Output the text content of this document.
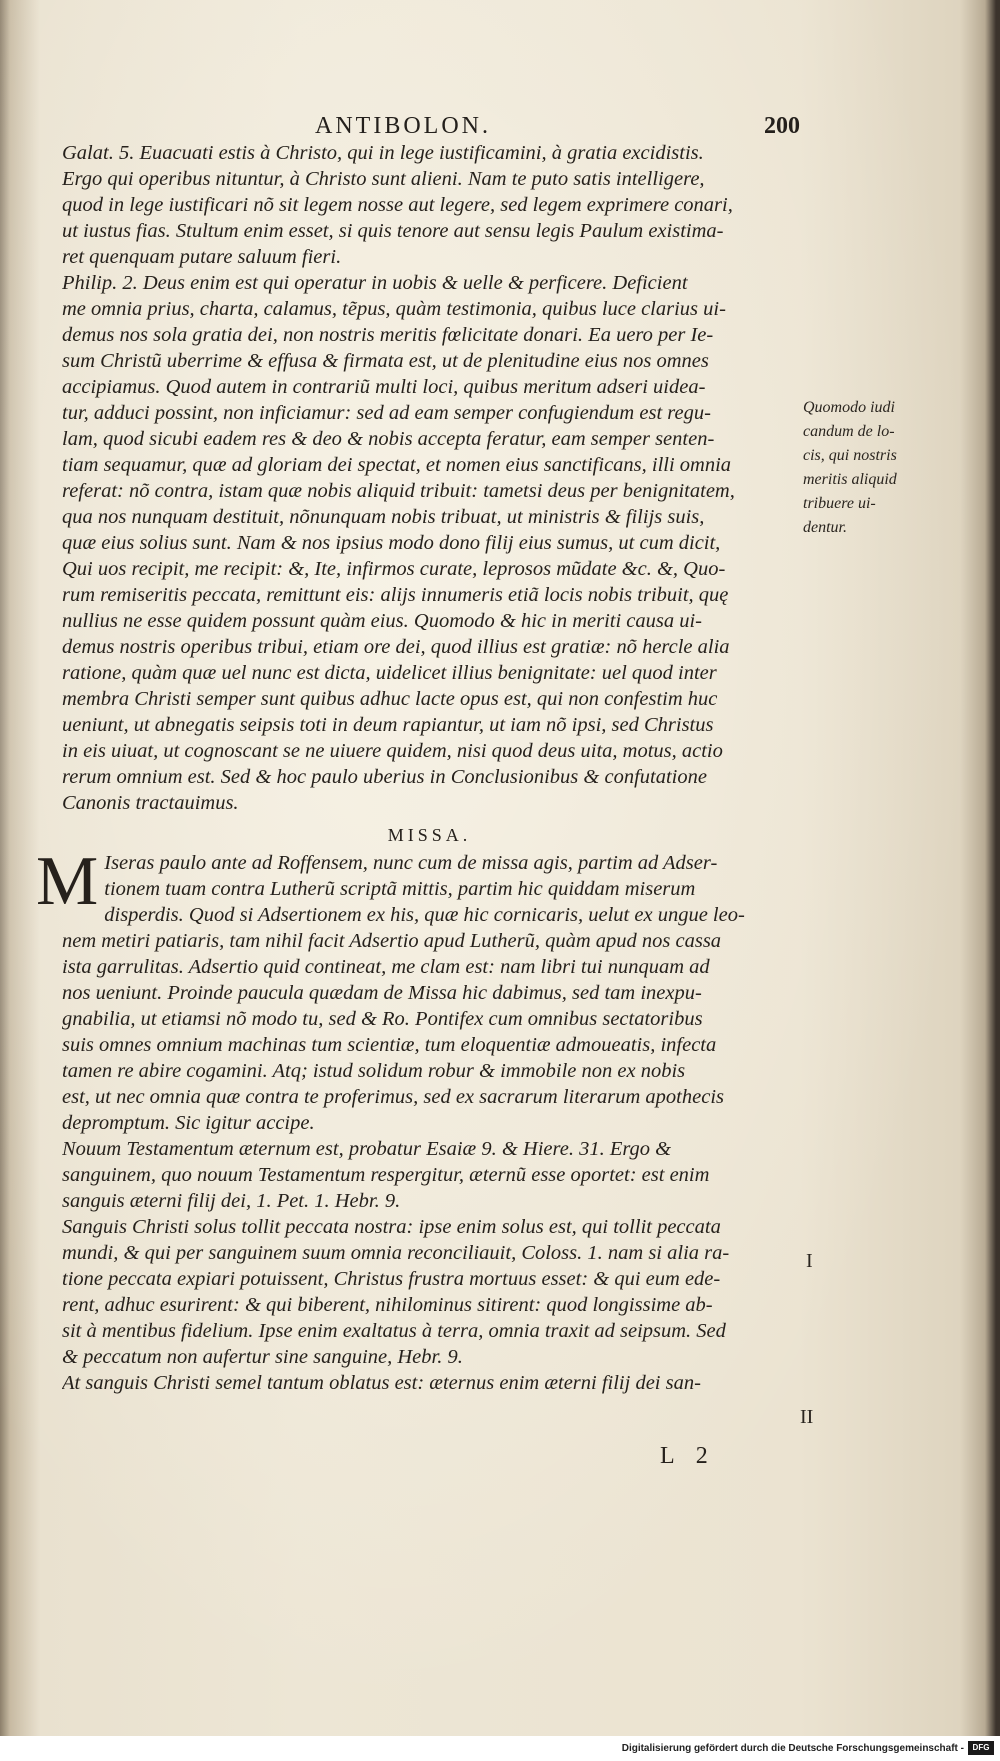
ANTIBOLON.	200
Galat. 5. Euacuati estis à Christo, qui in lege iustificamini, à gratia excidistis.
Ergo qui operibus nituntur, à Christo sunt alieni. Nam te puto satis intelligere,
quod in lege iustificari nõ sit legem nosse aut legere, sed legem exprimere conari,
ut iustus fias. Stultum enim esset, si quis tenore aut sensu legis Paulum existima-
ret quenquam putare saluum fieri.
Philip. 2. Deus enim est qui operatur in uobis & uelle & perficere. Deficient
me omnia prius, charta, calamus, tẽpus, quàm testimonia, quibus luce clarius ui-
demus nos sola gratia dei, non nostris meritis fœlicitate donari. Ea uero per Ie-
sum Christũ uberrime & effusa & firmata est, ut de plenitudine eius nos omnes
accipiamus. Quod autem in contrariũ multi loci, quibus meritum adseri uidea-
tur, adduci possint, non inficiamur: sed ad eam semper confugiendum est regu-
lam, quod sicubi eadem res & deo & nobis accepta feratur, eam semper senten-
tiam sequamur, quæ ad gloriam dei spectat, et nomen eius sanctificans, illi omnia
referat: nõ contra, istam quæ nobis aliquid tribuit: tametsi deus per benignitatem,
qua nos nunquam destituit, nõnunquam nobis tribuat, ut ministris & filijs suis,
quæ eius solius sunt. Nam & nos ipsius modo dono filij eius sumus, ut cum dicit,
Qui uos recipit, me recipit: &, Ite, infirmos curate, leprosos mũdate &c. &, Quo-
rum remiseritis peccata, remittunt eis: alijs innumeris etiã locis nobis tribuit, quę
nullius ne esse quidem possunt quàm eius. Quomodo & hic in meriti causa ui-
demus nostris operibus tribui, etiam ore dei, quod illius est gratiæ: nõ hercle alia
ratione, quàm quæ uel nunc est dicta, uidelicet illius benignitate: uel quod inter
membra Christi semper sunt quibus adhuc lacte opus est, qui non confestim huc
ueniunt, ut abnegatis seipsis toti in deum rapiantur, ut iam nõ ipsi, sed Christus
in eis uiuat, ut cognoscant se ne uiuere quidem, nisi quod deus uita, motus, actio
rerum omnium est. Sed & hoc paulo uberius in Conclusionibus & confutatione
Canonis tractauimus.
MISSA.
M Iseras paulo ante ad Roffensem, nunc cum de missa agis, partim ad Adser-
tionem tuam contra Lutherũ scriptã mittis, partim hic quiddam miserum
disperdis. Quod si Adsertionem ex his, quæ hic cornicaris, uelut ex ungue leo-
nem metiri patiaris, tam nihil facit Adsertio apud Lutherũ, quàm apud nos cassa
ista garrulitas. Adsertio quid contineat, me clam est: nam libri tui nunquam ad
nos ueniunt. Proinde paucula quædam de Missa hic dabimus, sed tam inexpu-
gnabilia, ut etiamsi nõ modo tu, sed & Ro. Pontifex cum omnibus sectatoribus
suis omnes omnium machinas tum scientiæ, tum eloquentiæ admoueatis, infecta
tamen re abire cogamini. Atq; istud solidum robur & immobile non ex nobis
est, ut nec omnia quæ contra te proferimus, sed ex sacrarum literarum apothecis
depromptum. Sic igitur accipe.
Nouum Testamentum æternum est, probatur Esaiæ 9. & Hiere. 31. Ergo &
sanguinem, quo nouum Testamentum respergitur, æternũ esse oportet: est enim
sanguis æterni filij dei, 1. Pet. 1. Hebr. 9.
Sanguis Christi solus tollit peccata nostra: ipse enim solus est, qui tollit peccata
mundi, & qui per sanguinem suum omnia reconciliauit, Coloss. 1. nam si alia ra-
tione peccata expiari potuissent, Christus frustra mortuus esset: & qui eum ede-
rent, adhuc esurirent: & qui biberent, nihilominus sitirent: quod longissime ab-
sit à mentibus fidelium. Ipse enim exaltatus à terra, omnia traxit ad seipsum. Sed
& peccatum non aufertur sine sanguine, Hebr. 9.
At sanguis Christi semel tantum oblatus est: æternus enim æterni filij dei san-
Quomodo iudi
candum de lo-
cis, qui nostris
meritis aliquid
tribuere ui-
dentur.
I
II
L 2
Digitalisierung gefördert durch die Deutsche Forschungsgemeinschaft -	DFG
